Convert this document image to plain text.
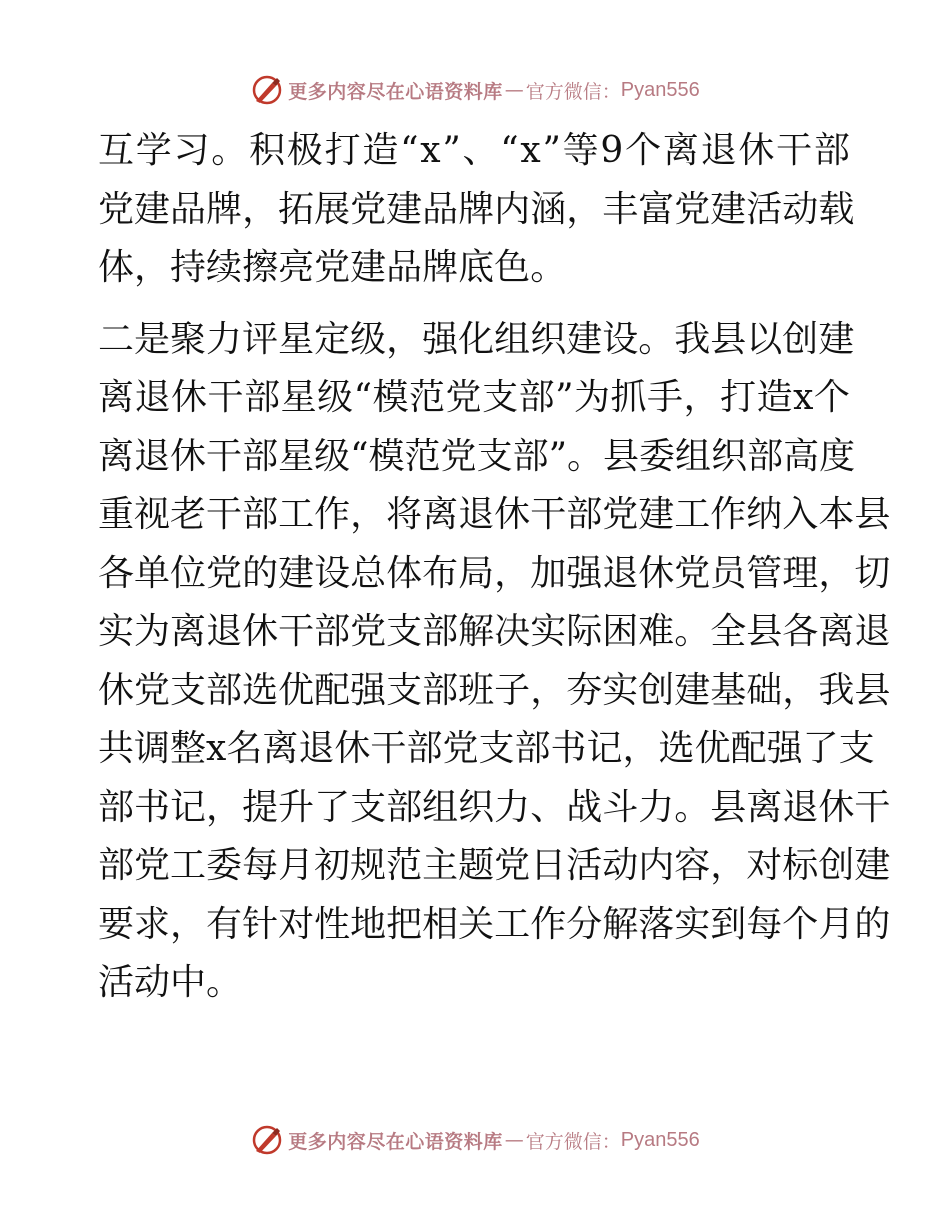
更多内容尽在心语资料库 — 官方微信： Pyan556
互 学 习 。 积 极 打 造 “ x ” 、 “ x ” 等 9 个 离 退 休 干 部
党 建 品 牌 ， 拓 展 党 建 品 牌 内 涵 ， 丰 富 党 建 活 动 载
体 ， 持 续 擦 亮 党 建 品 牌 底 色 。
二 是 聚 力 评 星 定 级 ， 强 化 组 织 建 设 。 我 县 以 创 建
离 退 休 干 部 星 级 “ 模 范 党 支 部 ” 为 抓 手 ， 打 造 x 个
离 退 休 干 部 星 级 “ 模 范 党 支 部 ” 。 县 委 组 织 部 高 度
重 视 老 干 部 工 作 ， 将 离 退 休 干 部 党 建 工 作 纳 入 本 县
各 单 位 党 的 建 设 总 体 布 局 ， 加 强 退 休 党 员 管 理 ， 切
实 为 离 退 休 干 部 党 支 部 解 决 实 际 困 难 。 全 县 各 离 退
休 党 支 部 选 优 配 强 支 部 班 子 ， 夯 实 创 建 基 础 ， 我 县
共 调 整 x 名 离 退 休 干 部 党 支 部 书 记 ， 选 优 配 强 了 支
部 书 记 ， 提 升 了 支 部 组 织 力 、 战 斗 力 。 县 离 退 休 干
部 党 工 委 每 月 初 规 范 主 题 党 日 活 动 内 容 ， 对 标 创 建
要 求 ， 有 针 对 性 地 把 相 关 工 作 分 解 落 实 到 每 个 月 的
活 动 中 。
更多内容尽在心语资料库 — 官方微信： Pyan556
